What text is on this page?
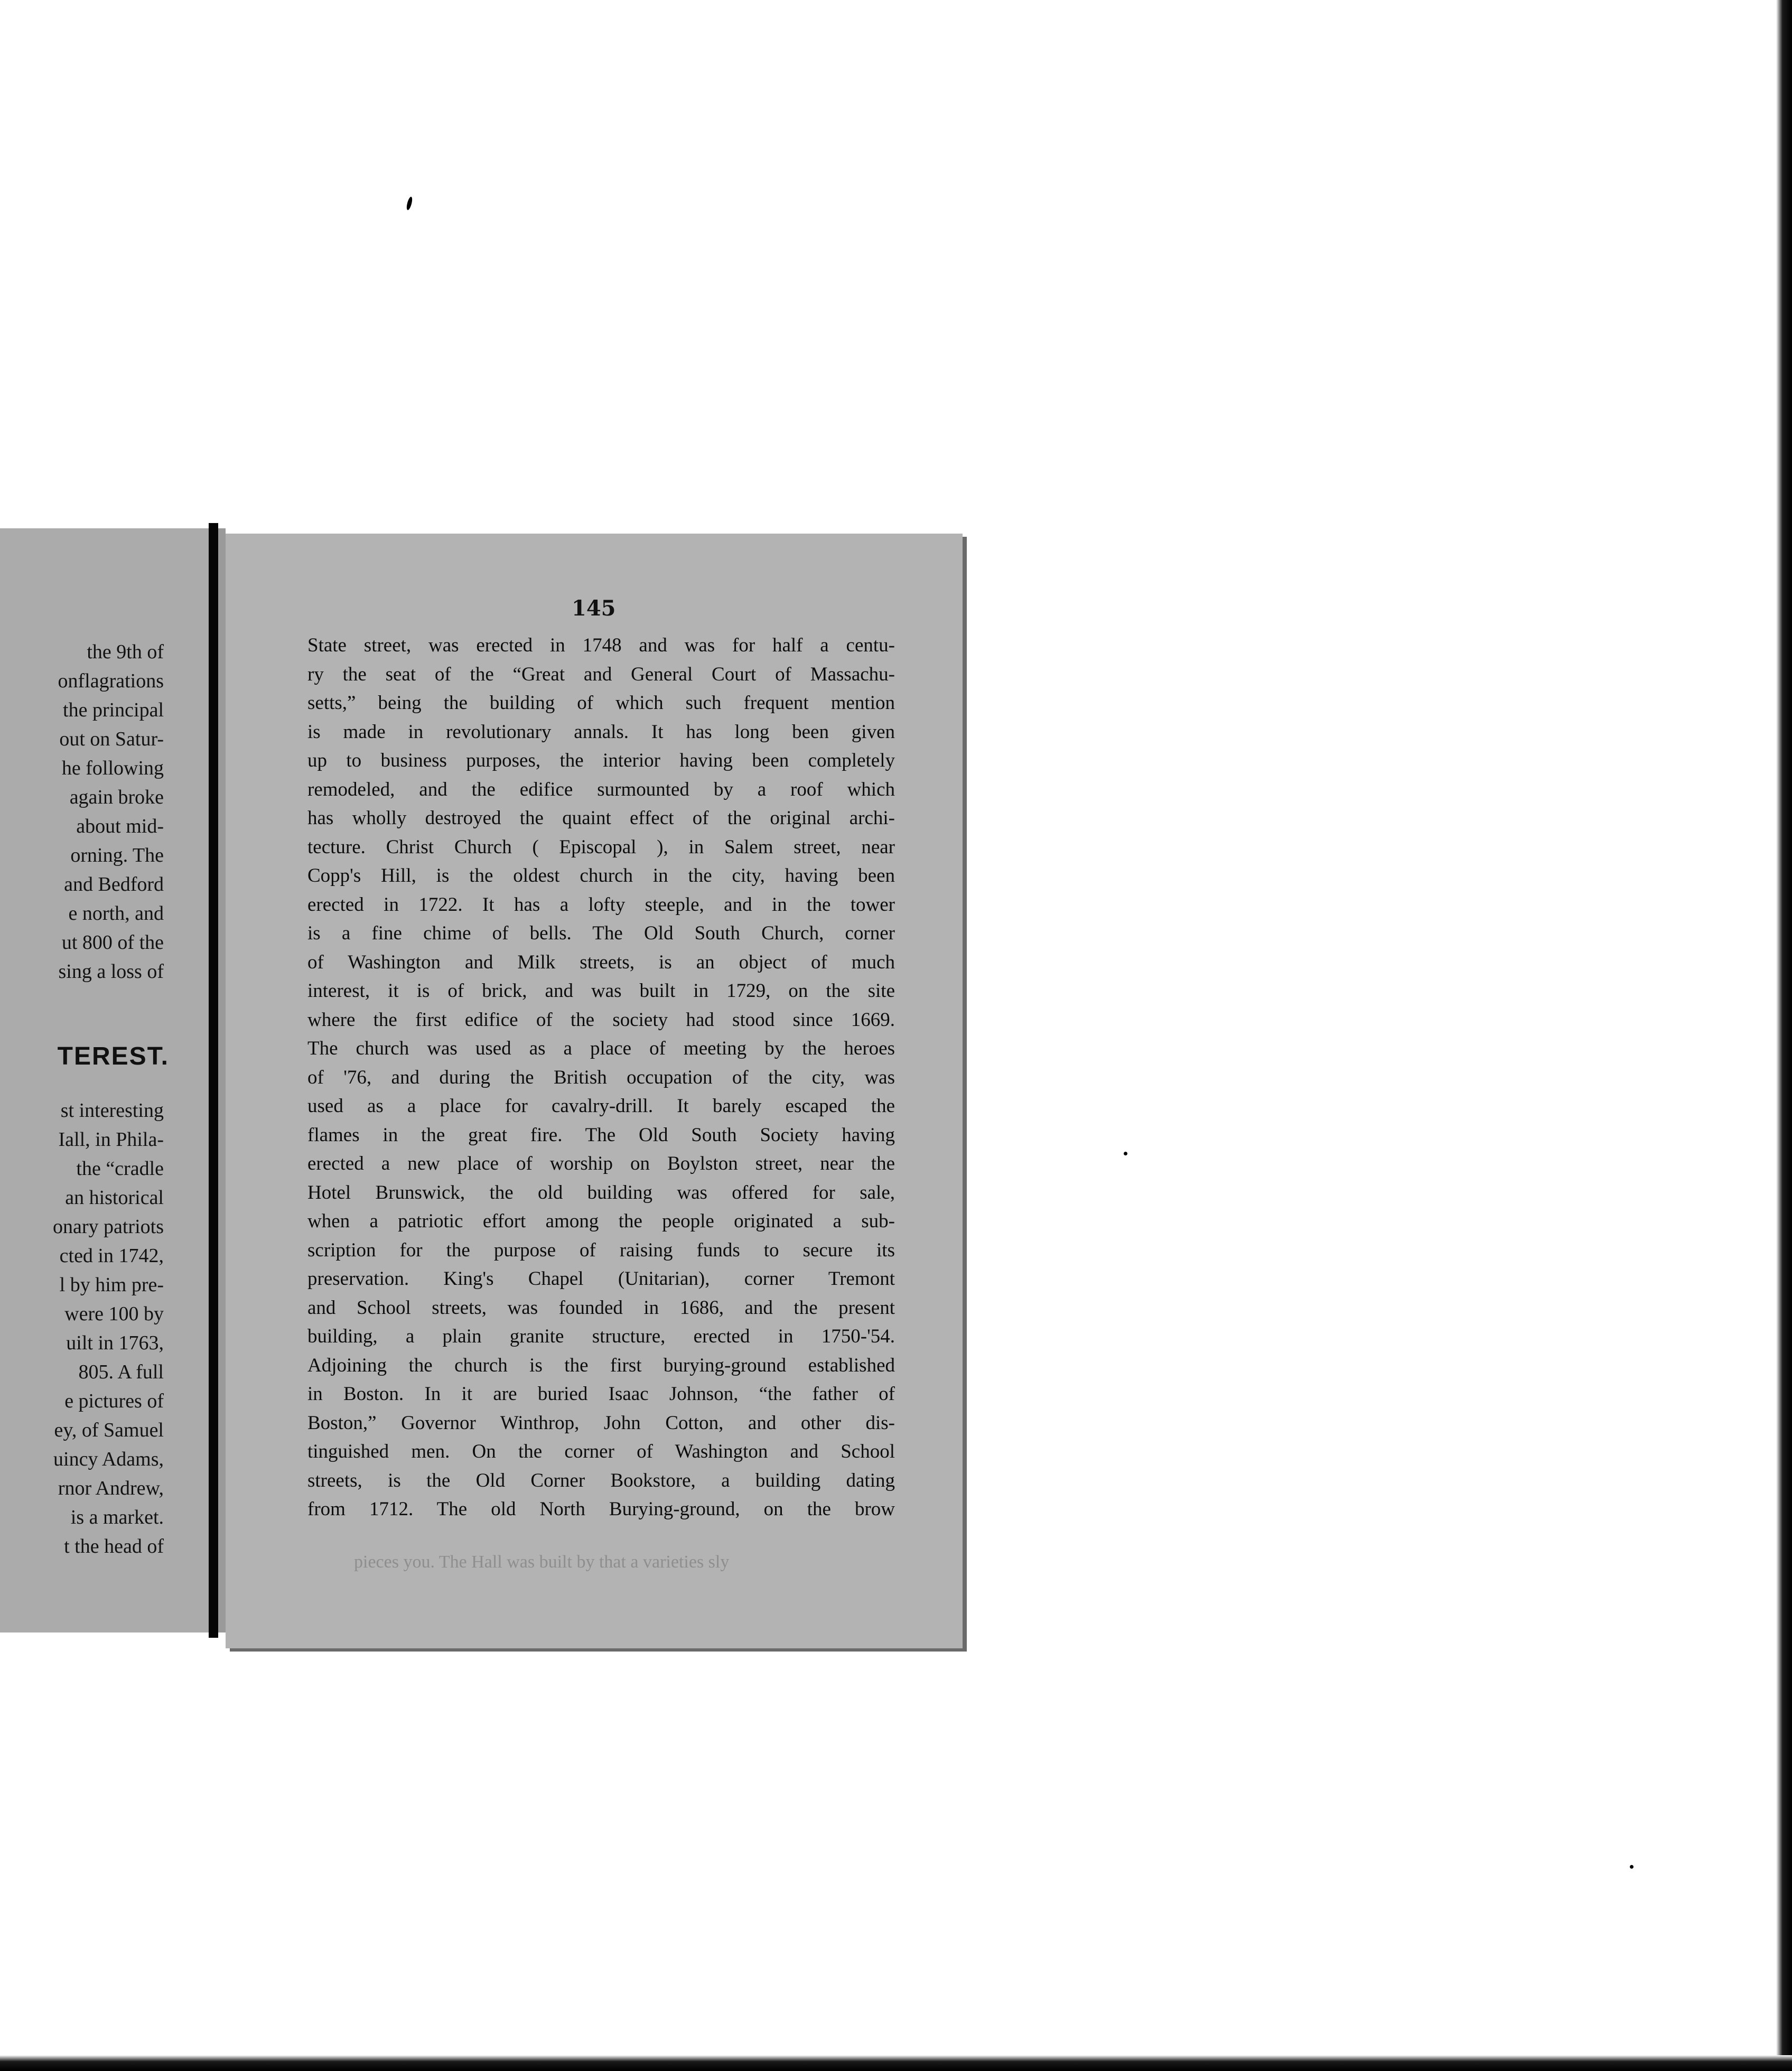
the 9th of
onflagrations
the principal
out on Satur-
he following
again broke
about mid-
orning. The
and Bedford
e north, and
ut 800 of the
sing a loss of
TEREST.
st interesting
Iall, in Phila-
the “cradle
an historical
onary patriots
cted in 1742,
l by him pre-
were 100 by
uilt in 1763,
805. A full
e pictures of
ey, of Samuel
uincy Adams,
rnor Andrew,
is a market.
t the head of
145
State street, was erected in 1748 and was for half a centu-
ry the seat of the “Great and General Court of Massachu-
setts,” being the building of which such frequent mention
is made in revolutionary annals. It has long been given
up to business purposes, the interior having been completely
remodeled, and the edifice surmounted by a roof which
has wholly destroyed the quaint effect of the original archi-
tecture. Christ Church ( Episcopal ), in Salem street, near
Copp's Hill, is the oldest church in the city, having been
erected in 1722. It has a lofty steeple, and in the tower
is a fine chime of bells. The Old South Church, corner
of Washington and Milk streets, is an object of much
interest, it is of brick, and was built in 1729, on the site
where the first edifice of the society had stood since 1669.
The church was used as a place of meeting by the heroes
of '76, and during the British occupation of the city, was
used as a place for cavalry-drill. It barely escaped the
flames in the great fire. The Old South Society having
erected a new place of worship on Boylston street, near the
Hotel Brunswick, the old building was offered for sale,
when a patriotic effort among the people originated a sub-
scription for the purpose of raising funds to secure its
preservation. King's Chapel (Unitarian), corner Tremont
and School streets, was founded in 1686, and the present
building, a plain granite structure, erected in 1750-'54.
Adjoining the church is the first burying-ground established
in Boston. In it are buried Isaac Johnson, “the father of
Boston,” Governor Winthrop, John Cotton, and other dis-
tinguished men. On the corner of Washington and School
streets, is the Old Corner Bookstore, a building dating
from 1712. The old North Burying-ground, on the brow
pieces you. The Hall was built by that a varieties sly
